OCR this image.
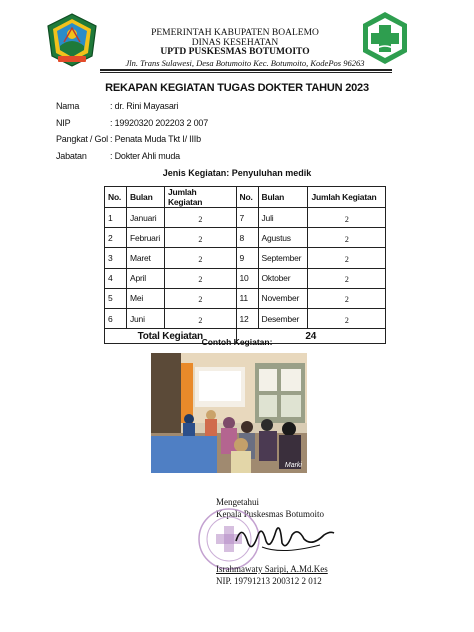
PEMERINTAH KABUPATEN BOALEMO
DINAS KESEHATAN
UPTD PUSKESMAS BOTUMOITO
Jln. Trans Sulawesi, Desa Botumoito Kec. Botumoito, KodePos 96263
REKAPAN KEGIATAN TUGAS DOKTER TAHUN 2023
Nama	: dr. Rini Mayasari
NIP	: 19920320 202203 2 007
Pangkat / Gol : Penata Muda Tkt I/ IIIb
Jabatan	: Dokter Ahli muda
Jenis Kegiatan: Penyuluhan medik
No.	Bulan	Jumlah Kegiatan	No.	Bulan	Jumlah Kegiatan
1	Januari	2	7	Juli	2
2	Februari	2	8	Agustus	2
3	Maret	2	9	September	2
4	April	2	10	Oktober	2
5	Mei	2	11	November	2
6	Juni	2	12	Desember	2
Total Kegiatan			24		
Contoh Kegiatan:
Marki
Mengetahui
Kepala Puskesmas Botumoito
Israhmawaty Saripi, A.Md.Kes
NIP. 19791213 200312 2 012
